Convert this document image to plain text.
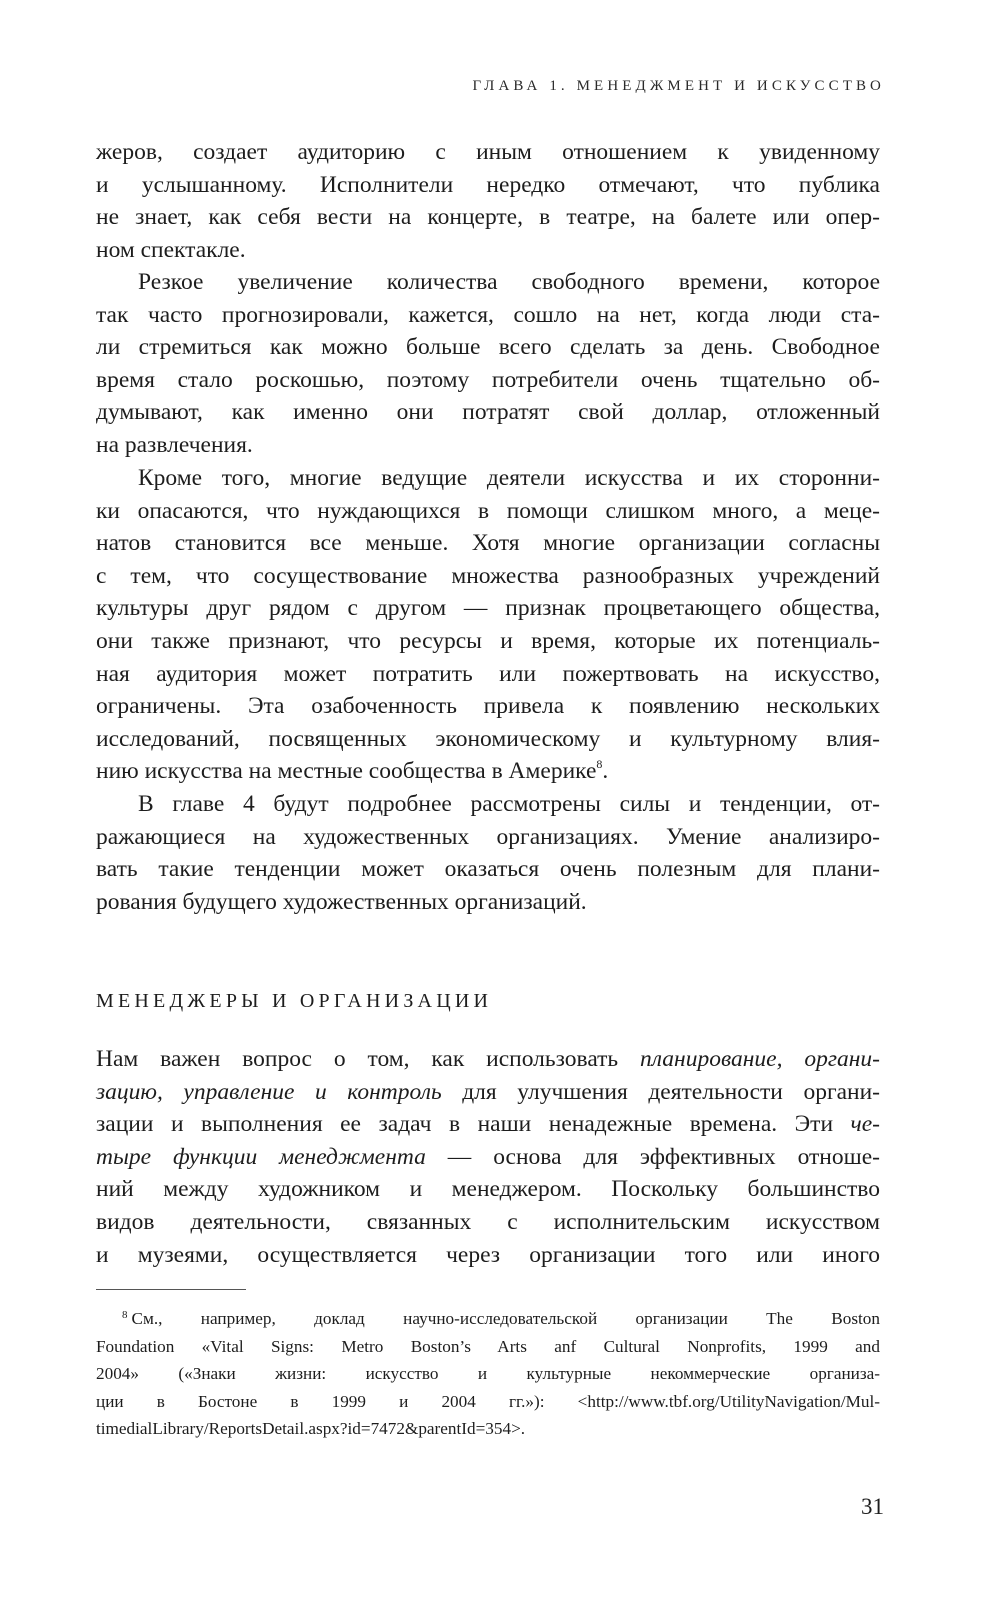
ГЛАВА 1. МЕНЕДЖМЕНТ И ИСКУССТВО
жеров, создает аудиторию с иным отношением к увиденному
и услышанному. Исполнители нередко отмечают, что публика
не знает, как себя вести на концерте, в театре, на балете или опер-
ном спектакле.
Резкое увеличение количества свободного времени, которое
так часто прогнозировали, кажется, сошло на нет, когда люди ста-
ли стремиться как можно больше всего сделать за день. Свободное
время стало роскошью, поэтому потребители очень тщательно об-
думывают, как именно они потратят свой доллар, отложенный
на развлечения.
Кроме того, многие ведущие деятели искусства и их сторонни-
ки опасаются, что нуждающихся в помощи слишком много, а меце-
натов становится все меньше. Хотя многие организации согласны
с тем, что сосуществование множества разнообразных учреждений
культуры друг рядом с другом — признак процветающего общества,
они также признают, что ресурсы и время, которые их потенциаль-
ная аудитория может потратить или пожертвовать на искусство,
ограничены. Эта озабоченность привела к появлению нескольких
исследований, посвященных экономическому и культурному влия-
нию искусства на местные сообщества в Америке$^8$.
В главе 4 будут подробнее рассмотрены силы и тенденции, от-
ражающиеся на художественных организациях. Умение анализиро-
вать такие тенденции может оказаться очень полезным для плани-
рования будущего художественных организаций.
МЕНЕДЖЕРЫ И ОРГАНИЗАЦИИ
Нам важен вопрос о том, как использовать планирование, органи-
зацию, управление и контроль для улучшения деятельности органи-
зации и выполнения ее задач в наши ненадежные времена. Эти че-
тыре функции менеджмента — основа для эффективных отноше-
ний между художником и менеджером. Поскольку большинство
видов деятельности, связанных с исполнительским искусством
и музеями, осуществляется через организации того или иного
$^8$ См., например, доклад научно-исследовательской организации The Boston
Foundation «Vital Signs: Metro Boston’s Arts anf Cultural Nonprofits, 1999 and
2004» («Знаки жизни: искусство и культурные некоммерческие организа-
ции в Бостоне в 1999 и 2004 гг.»): <http://www.tbf.org/UtilityNavigation/Mul-
timedialLibrary/ReportsDetail.aspx?id=7472&parentId=354>.
31
